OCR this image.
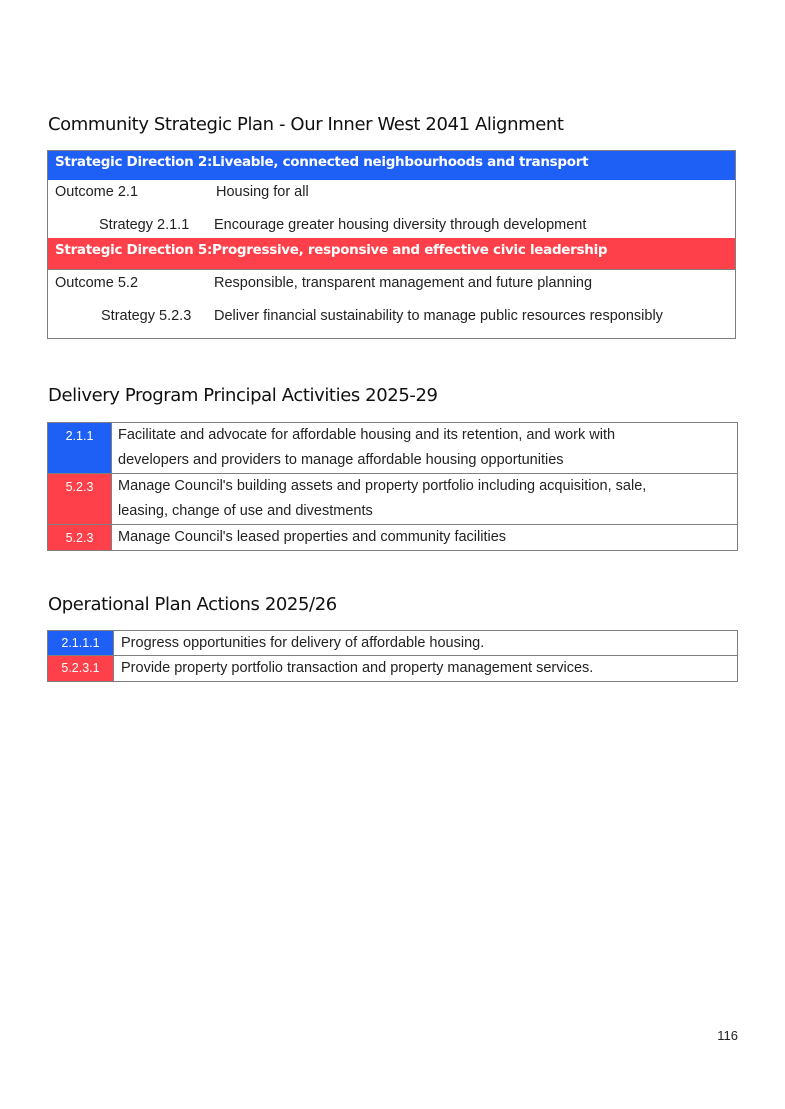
Community Strategic Plan - Our Inner West 2041 Alignment
Strategic Direction 2: Liveable, connected neighbourhoods and transport
Outcome 2.1	Housing for all
Strategy 2.1.1 Encourage greater housing diversity through development
Strategic Direction 5: Progressive, responsive and effective civic leadership
Outcome 5.2	Responsible, transparent management and future planning
Strategy 5.2.3 Deliver financial sustainability to manage public resources responsibly
Delivery Program Principal Activities 2025-29
2.1.1	Facilitate and advocate for affordable housing and its retention, and work with
developers and providers to manage affordable housing opportunities
5.2.3	Manage Council's building assets and property portfolio including acquisition, sale,
leasing, change of use and divestments
5.2.3	Manage Council's leased properties and community facilities
Operational Plan Actions 2025/26
2.1.1.1	Progress opportunities for delivery of affordable housing.
5.2.3.1	Provide property portfolio transaction and property management services.
116
